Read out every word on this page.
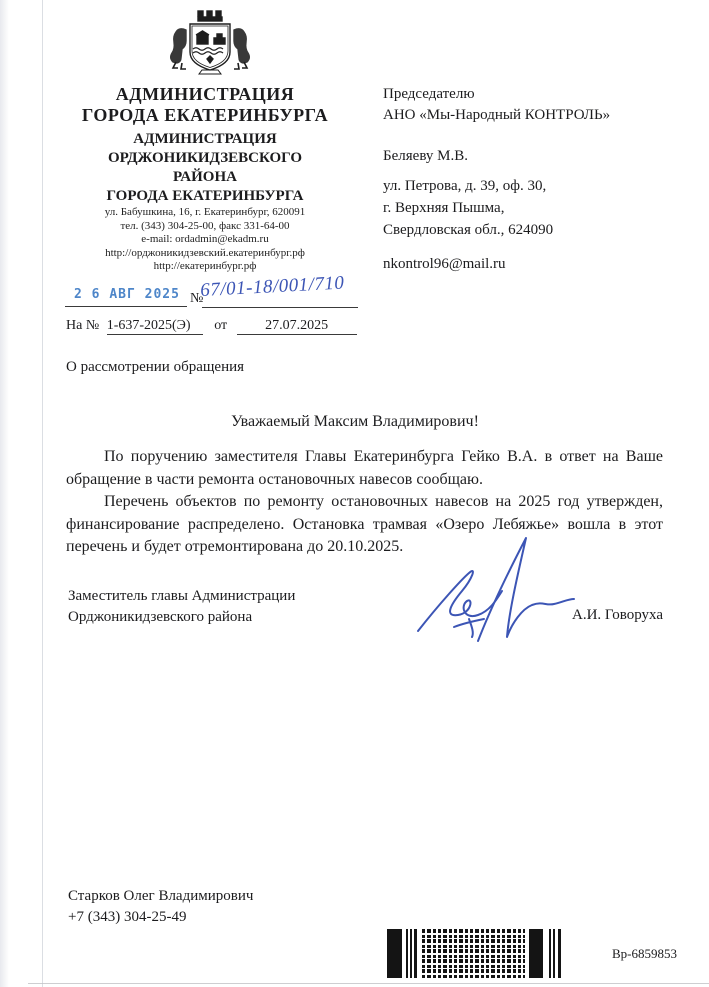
АДМИНИСТРАЦИЯ
ГОРОДА ЕКАТЕРИНБУРГА
АДМИНИСТРАЦИЯ
ОРДЖОНИКИДЗЕВСКОГО
РАЙОНА
ГОРОДА ЕКАТЕРИНБУРГА
ул. Бабушкина, 16, г. Екатеринбург, 620091
тел. (343) 304-25-00, факс 331-64-00
e-mail: ordadmin@ekadm.ru
http://орджоникидзевский.екатеринбург.рф
http://екатеринбург.рф
2 6 АВГ 2025 №
67/01-18/001/710
На № 1-637-2025(Э) от	27.07.2025
Председателю
АНО «Мы-Народный КОНТРОЛЬ»
Беляеву М.В.
ул. Петрова, д. 39, оф. 30,
г. Верхняя Пышма,
Свердловская обл., 624090
nkontrol96@mail.ru
О рассмотрении обращения
Уважаемый Максим Владимирович!

По поручению заместителя Главы Екатеринбурга Гейко В.А. в ответ на Ваше обращение в части ремонта остановочных навесов сообщаю.

Перечень объектов по ремонту остановочных навесов на 2025 год утвержден, финансирование распределено. Остановка трамвая «Озеро Лебяжье» вошла в этот перечень и будет отремонтирована до 20.10.2025.

Заместитель главы Администрации
Орджоникидзевского района	А.И. Говоруха
Старков Олег Владимирович
+7 (343) 304-25-49
Вр-6859853
